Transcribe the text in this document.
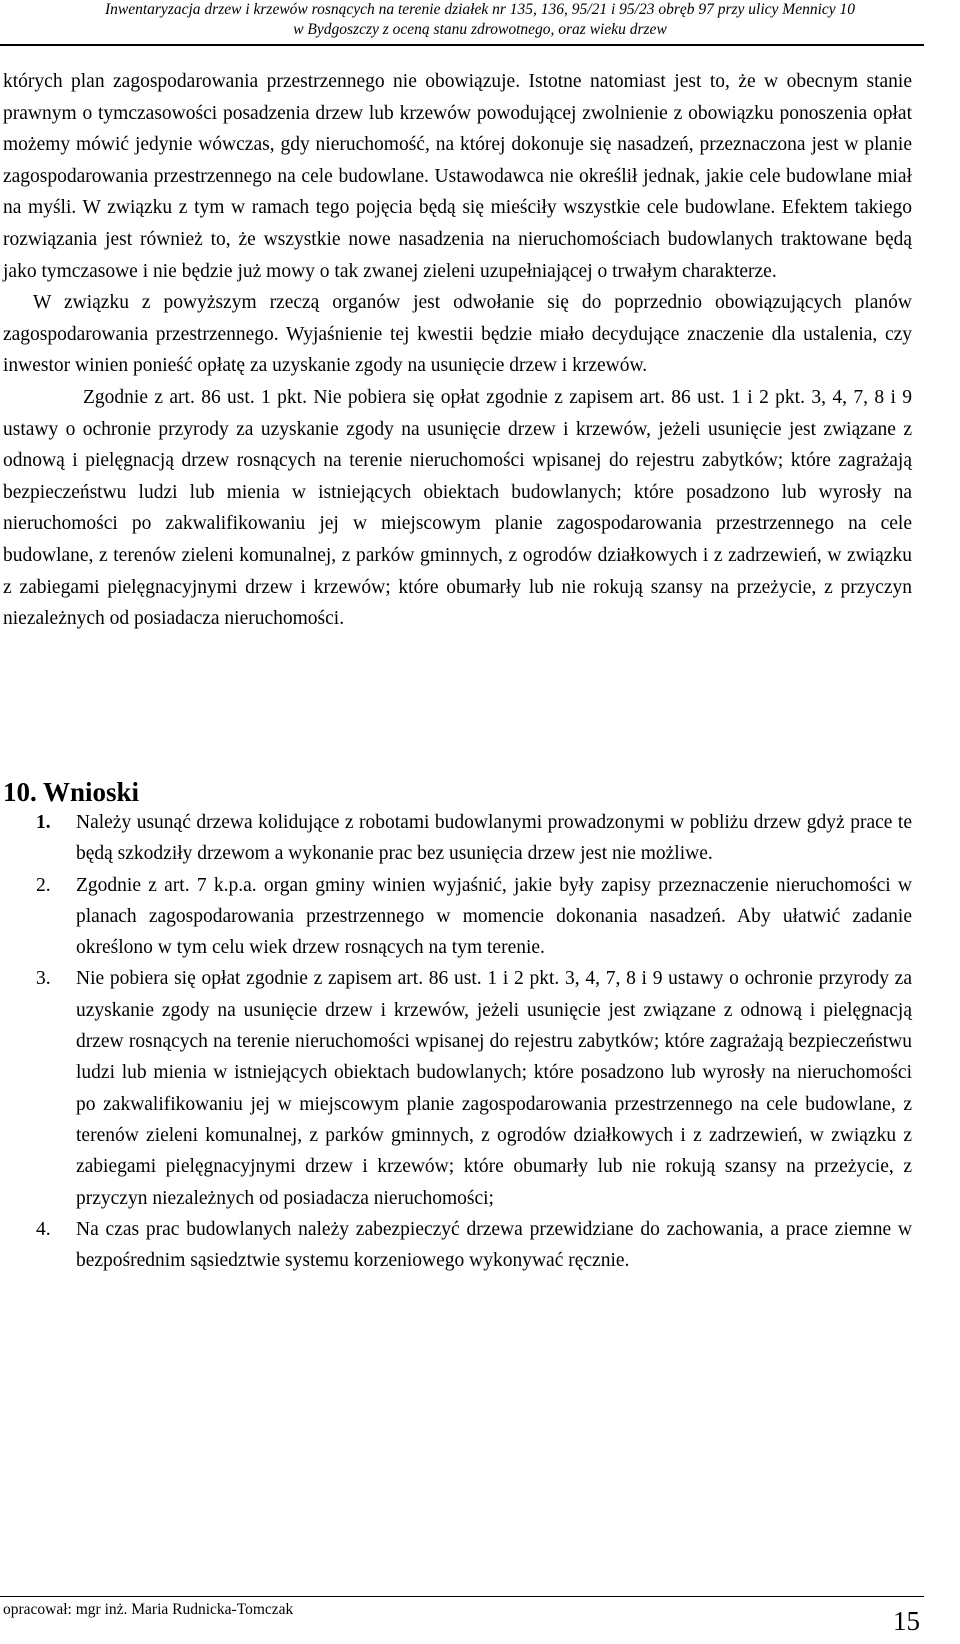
Inwentaryzacja drzew i krzewów rosnących na terenie działek nr 135, 136, 95/21 i 95/23 obręb 97 przy ulicy Mennicy 10
w Bydgoszczy z oceną stanu zdrowotnego, oraz wieku drzew

których plan zagospodarowania przestrzennego nie obowiązuje. Istotne natomiast jest to, że w obecnym stanie prawnym o tymczasowości posadzenia drzew lub krzewów powodującej zwolnienie z obowiązku ponoszenia opłat możemy mówić jedynie wówczas, gdy nieruchomość, na której dokonuje się nasadzeń, przeznaczona jest w planie zagospodarowania przestrzennego na cele budowlane. Ustawodawca nie określił jednak, jakie cele budowlane miał na myśli. W związku z tym w ramach tego pojęcia będą się mieściły wszystkie cele budowlane. Efektem takiego rozwiązania jest również to, że wszystkie nowe nasadzenia na nieruchomościach budowlanych traktowane będą jako tymczasowe i nie będzie już mowy o tak zwanej zieleni uzupełniającej o trwałym charakterze.

W związku z powyższym rzeczą organów jest odwołanie się do poprzednio obowiązujących planów zagospodarowania przestrzennego. Wyjaśnienie tej kwestii będzie miało decydujące znaczenie dla ustalenia, czy inwestor winien ponieść opłatę za uzyskanie zgody na usunięcie drzew i krzewów.

Zgodnie z art. 86 ust. 1 pkt. Nie pobiera się opłat zgodnie z zapisem art. 86 ust. 1 i 2 pkt. 3, 4, 7, 8 i 9 ustawy o ochronie przyrody za uzyskanie zgody na usunięcie drzew i krzewów, jeżeli usunięcie jest związane z odnową i pielęgnacją drzew rosnących na terenie nieruchomości wpisanej do rejestru zabytków; które zagrażają bezpieczeństwu ludzi lub mienia w istniejących obiektach budowlanych; które posadzono lub wyrosły na nieruchomości po zakwalifikowaniu jej w miejscowym planie zagospodarowania przestrzennego na cele budowlane, z terenów zieleni komunalnej, z parków gminnych, z ogrodów działkowych i z zadrzewień, w związku z zabiegami pielęgnacyjnymi drzew i krzewów; które obumarły lub nie rokują szansy na przeżycie, z przyczyn niezależnych od posiadacza nieruchomości.

10. Wnioski
1. Należy usunąć drzewa kolidujące z robotami budowlanymi prowadzonymi w pobliżu drzew gdyż prace te będą szkodziły drzewom a wykonanie prac bez usunięcia drzew jest nie możliwe.
2. Zgodnie z art. 7 k.p.a. organ gminy winien wyjaśnić, jakie były zapisy przeznaczenie nieruchomości w planach zagospodarowania przestrzennego w momencie dokonania nasadzeń. Aby ułatwić zadanie określono w tym celu wiek drzew rosnących na tym terenie.
3. Nie pobiera się opłat zgodnie z zapisem art. 86 ust. 1 i 2 pkt. 3, 4, 7, 8 i 9 ustawy o ochronie przyrody za uzyskanie zgody na usunięcie drzew i krzewów, jeżeli usunięcie jest związane z odnową i pielęgnacją drzew rosnących na terenie nieruchomości wpisanej do rejestru zabytków; które zagrażają bezpieczeństwu ludzi lub mienia w istniejących obiektach budowlanych; które posadzono lub wyrosły na nieruchomości po zakwalifikowaniu jej w miejscowym planie zagospodarowania przestrzennego na cele budowlane, z terenów zieleni komunalnej, z parków gminnych, z ogrodów działkowych i z zadrzewień, w związku z zabiegami pielęgnacyjnymi drzew i krzewów; które obumarły lub nie rokują szansy na przeżycie, z przyczyn niezależnych od posiadacza nieruchomości;
4. Na czas prac budowlanych należy zabezpieczyć drzewa przewidziane do zachowania, a prace ziemne w bezpośrednim sąsiedztwie systemu korzeniowego wykonywać ręcznie.
opracował: mgr inż. Maria Rudnicka-Tomczak	15
